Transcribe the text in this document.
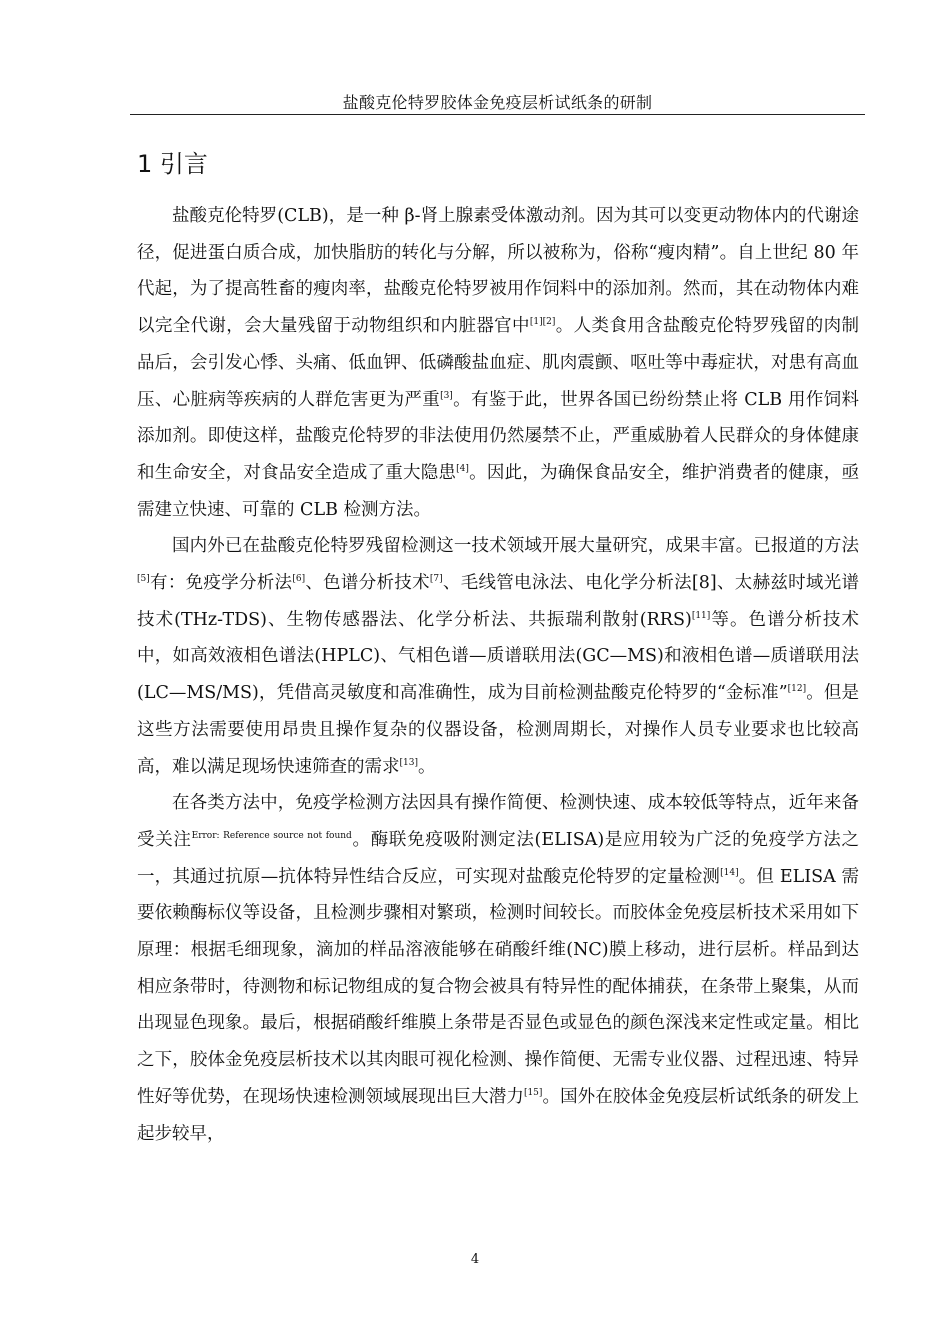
盐酸克伦特罗胶体金免疫层析试纸条的研制
1 引言

盐酸克伦特罗(CLB)，是一种 β-肾上腺素受体激动剂。因为其可以变更动物体内的代谢途径，促进蛋白质合成，加快脂肪的转化与分解，所以被称为，俗称“瘦肉精”。自上世纪 80 年代起，为了提高牲畜的瘦肉率，盐酸克伦特罗被用作饲料中的添加剂。然而，其在动物体内难以完全代谢，会大量残留于动物组织和内脏器官中[1][2]。人类食用含盐酸克伦特罗残留的肉制品后，会引发心悸、头痛、低血钾、低磷酸盐血症、肌肉震颤、呕吐等中毒症状，对患有高血压、心脏病等疾病的人群危害更为严重[3]。有鉴于此，世界各国已纷纷禁止将 CLB 用作饲料添加剂。即使这样，盐酸克伦特罗的非法使用仍然屡禁不止，严重威胁着人民群众的身体健康和生命安全，对食品安全造成了重大隐患[4]。因此，为确保食品安全，维护消费者的健康，亟需建立快速、可靠的 CLB 检测方法。

国内外已在盐酸克伦特罗残留检测这一技术领域开展大量研究，成果丰富。已报道的方法[5]有：免疫学分析法[6]、色谱分析技术[7]、毛线管电泳法、电化学分析法[8]、太赫兹时域光谱技术(THz-TDS)、生物传感器法、化学分析法、共振瑞利散射(RRS)[11]等。色谱分析技术中，如高效液相色谱法(HPLC)、气相色谱—质谱联用法(GC—MS)和液相色谱—质谱联用法(LC—MS/MS)，凭借高灵敏度和高准确性，成为目前检测盐酸克伦特罗的“金标准”[12]。但是这些方法需要使用昂贵且操作复杂的仪器设备，检测周期长，对操作人员专业要求也比较高高，难以满足现场快速筛查的需求[13]。

在各类方法中，免疫学检测方法因具有操作简便、检测快速、成本较低等特点，近年来备受关注$^{Error: Reference source not found}$。酶联免疫吸附测定法(ELISA)是应用较为广泛的免疫学方法之一，其通过抗原—抗体特异性结合反应，可实现对盐酸克伦特罗的定量检测[14]。但 ELISA 需要依赖酶标仪等设备，且检测步骤相对繁琐，检测时间较长。而胶体金免疫层析技术采用如下原理：根据毛细现象，滴加的样品溶液能够在硝酸纤维(NC)膜上移动，进行层析。样品到达相应条带时，待测物和标记物组成的复合物会被具有特异性的配体捕获，在条带上聚集，从而出现显色现象。最后，根据硝酸纤维膜上条带是否显色或显色的颜色深浅来定性或定量。相比之下，胶体金免疫层析技术以其肉眼可视化检测、操作简便、无需专业仪器、过程迅速、特异性好等优势，在现场快速检测领域展现出巨大潜力[15]。国外在胶体金免疫层析试纸条的研发上起步较早，

4
